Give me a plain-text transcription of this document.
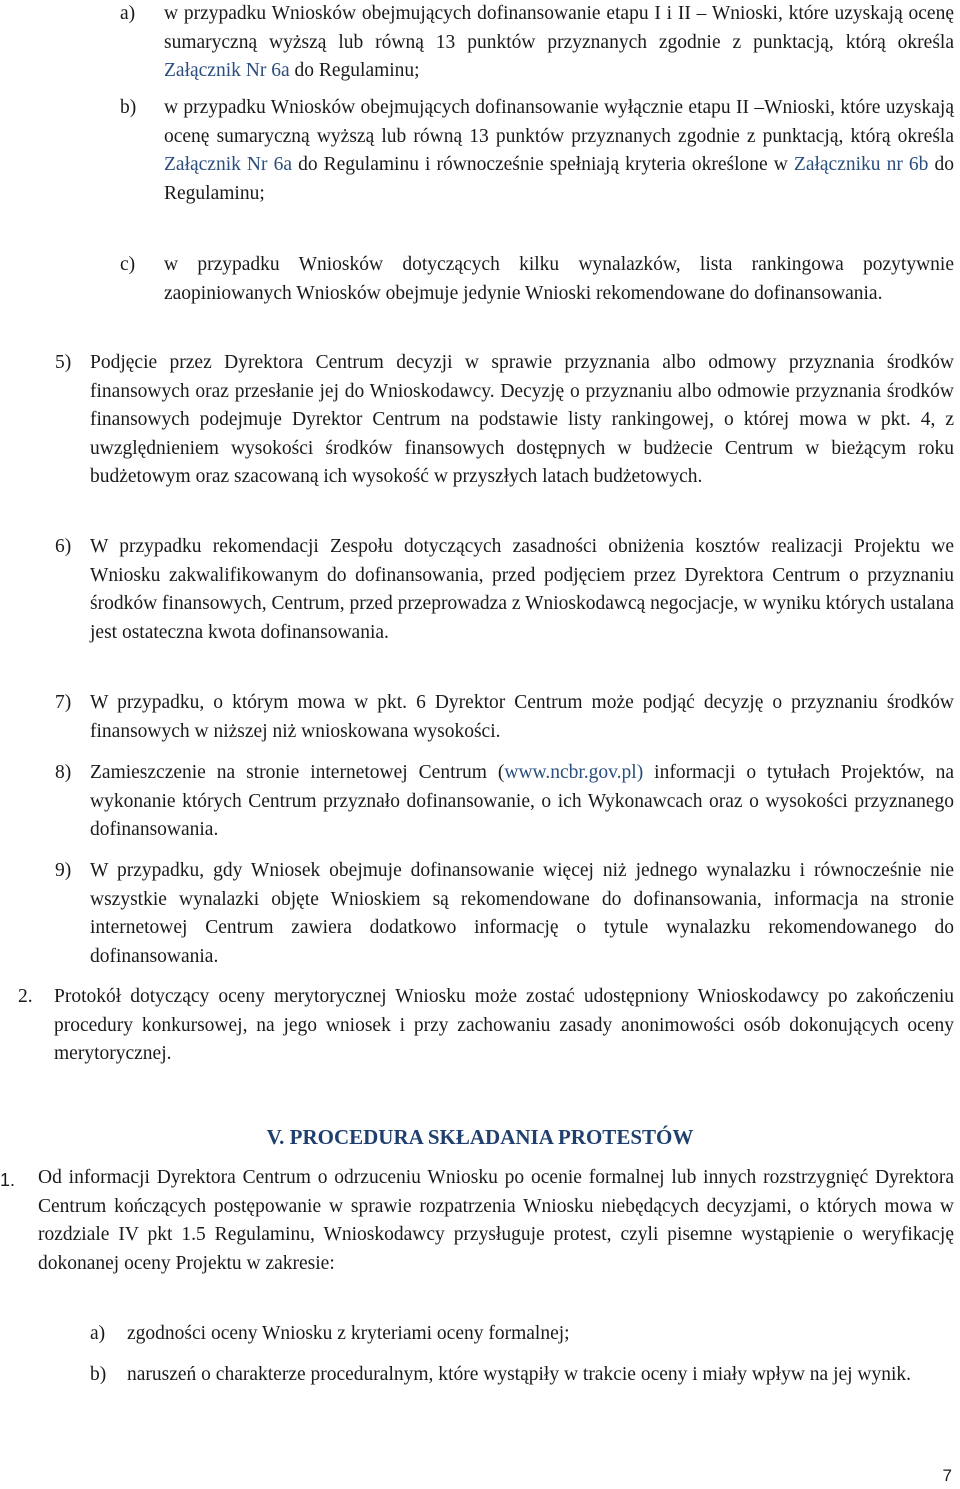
a) w przypadku Wniosków obejmujących dofinansowanie etapu I i II – Wnioski, które uzyskają ocenę sumaryczną wyższą lub równą 13 punktów przyznanych zgodnie z punktacją, którą określa Załącznik Nr 6a do Regulaminu;
b) w przypadku Wniosków obejmujących dofinansowanie wyłącznie etapu II –Wnioski, które uzyskają ocenę sumaryczną wyższą lub równą 13 punktów przyznanych zgodnie z punktacją, którą określa Załącznik Nr 6a do Regulaminu i równocześnie spełniają kryteria określone w Załączniku nr 6b do Regulaminu;
c) w przypadku Wniosków dotyczących kilku wynalazków, lista rankingowa pozytywnie zaopiniowanych Wniosków obejmuje jedynie Wnioski rekomendowane do dofinansowania.
5) Podjęcie przez Dyrektora Centrum decyzji w sprawie przyznania albo odmowy przyznania środków finansowych oraz przesłanie jej do Wnioskodawcy. Decyzję o przyznaniu albo odmowie przyznania środków finansowych podejmuje Dyrektor Centrum na podstawie listy rankingowej, o której mowa w pkt. 4, z uwzględnieniem wysokości środków finansowych dostępnych w budżecie Centrum w bieżącym roku budżetowym oraz szacowaną ich wysokość w przyszłych latach budżetowych.
6) W przypadku rekomendacji Zespołu dotyczących zasadności obniżenia kosztów realizacji Projektu we Wniosku zakwalifikowanym do dofinansowania, przed podjęciem przez Dyrektora Centrum o przyznaniu środków finansowych, Centrum, przed przeprowadza z Wnioskodawcą negocjacje, w wyniku których ustalana jest ostateczna kwota dofinansowania.
7) W przypadku, o którym mowa w pkt. 6 Dyrektor Centrum może podjąć decyzję o przyznaniu środków finansowych w niższej niż wnioskowana wysokości.
8) Zamieszczenie na stronie internetowej Centrum (www.ncbr.gov.pl) informacji o tytułach Projektów, na wykonanie których Centrum przyznało dofinansowanie, o ich Wykonawcach oraz o wysokości przyznanego dofinansowania.
9) W przypadku, gdy Wniosek obejmuje dofinansowanie więcej niż jednego wynalazku i równocześnie nie wszystkie wynalazki objęte Wnioskiem są rekomendowane do dofinansowania, informacja na stronie internetowej Centrum zawiera dodatkowo informację o tytule wynalazku rekomendowanego do dofinansowania.
2. Protokół dotyczący oceny merytorycznej Wniosku może zostać udostępniony Wnioskodawcy po zakończeniu procedury konkursowej, na jego wniosek i przy zachowaniu zasady anonimowości osób dokonujących oceny merytorycznej.
V. PROCEDURA SKŁADANIA PROTESTÓW
1. Od informacji Dyrektora Centrum o odrzuceniu Wniosku po ocenie formalnej lub innych rozstrzygnięć Dyrektora Centrum kończących postępowanie w sprawie rozpatrzenia Wniosku niebędących decyzjami, o których mowa w rozdziale IV pkt 1.5 Regulaminu, Wnioskodawcy przysługuje protest, czyli pisemne wystąpienie o weryfikację dokonanej oceny Projektu w zakresie:
a) zgodności oceny Wniosku z kryteriami oceny formalnej;
b) naruszeń o charakterze proceduralnym, które wystąpiły w trakcie oceny i miały wpływ na jej wynik.
7
